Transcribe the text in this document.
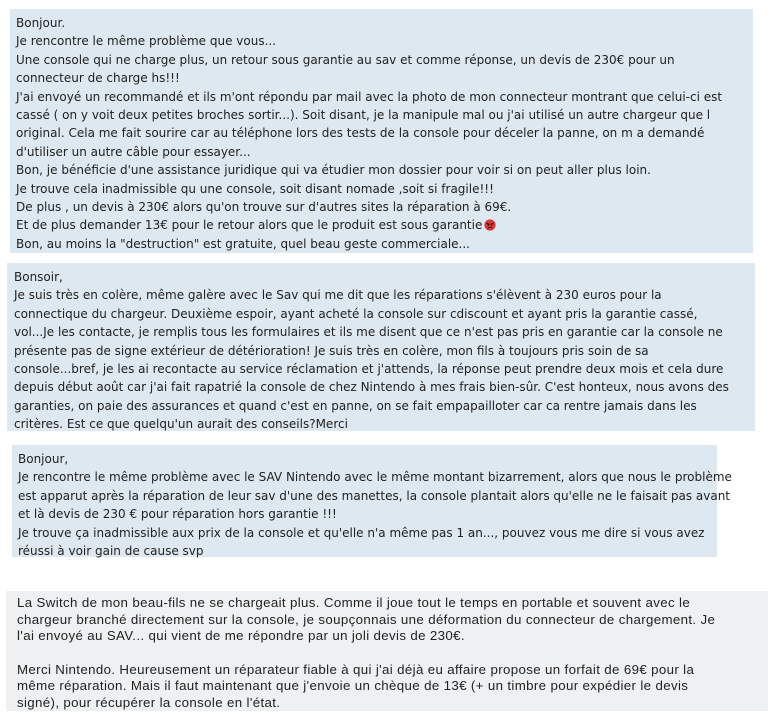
Bonjour.

Je rencontre le même problème que vous...

Une console qui ne charge plus, un retour sous garantie au sav et comme réponse, un devis de 230€ pour un

connecteur de charge hs!!!

J'ai envoyé un recommandé et ils m'ont répondu par mail avec la photo de mon connecteur montrant que celui-ci est

cassé ( on y voit deux petites broches sortir...). Soit disant, je la manipule mal ou j'ai utilisé un autre chargeur que l

original. Cela me fait sourire car au téléphone lors des tests de la console pour déceler la panne, on m a demandé

d'utiliser un autre câble pour essayer...

Bon, je bénéficie d'une assistance juridique qui va étudier mon dossier pour voir si on peut aller plus loin.

Je trouve cela inadmissible qu une console, soit disant nomade ,soit si fragile!!!

De plus , un devis à 230€ alors qu'on trouve sur d'autres sites la réparation à 69€.

Et de plus demander 13€ pour le retour alors que le produit est sous garantie

Bon, au moins la "destruction" est gratuite, quel beau geste commerciale...

Bonsoir,

Je suis très en colère, même galère avec le Sav qui me dit que les réparations s'élèvent à 230 euros pour la

connectique du chargeur. Deuxième espoir, ayant acheté la console sur cdiscount et ayant pris la garantie cassé,

vol...Je les contacte, je remplis tous les formulaires et ils me disent que ce n'est pas pris en garantie car la console ne

présente pas de signe extérieur de détérioration! Je suis très en colère, mon fils à toujours pris soin de sa

console...bref, je les ai recontacte au service réclamation et j'attends, la réponse peut prendre deux mois et cela dure

depuis début août car j'ai fait rapatrié la console de chez Nintendo à mes frais bien-sûr. C'est honteux, nous avons des

garanties, on paie des assurances et quand c'est en panne, on se fait empapailloter car ca rentre jamais dans les

critères. Est ce que quelqu'un aurait des conseils?Merci

Bonjour,

Je rencontre le même problème avec le SAV Nintendo avec le même montant bizarrement, alors que nous le problème

est apparut après la réparation de leur sav d'une des manettes, la console plantait alors qu'elle ne le faisait pas avant

et là devis de 230 € pour réparation hors garantie !!!

Je trouve ça inadmissible aux prix de la console et qu'elle n'a même pas 1 an..., pouvez vous me dire si vous avez

réussi à voir gain de cause svp

La Switch de mon beau-fils ne se chargeait plus. Comme il joue tout le temps en portable et souvent avec le

chargeur branché directement sur la console, je soupçonnais une déformation du connecteur de chargement. Je

l'ai envoyé au SAV... qui vient de me répondre par un joli devis de 230€.

Merci Nintendo. Heureusement un réparateur fiable à qui j'ai déjà eu affaire propose un forfait de 69€ pour la

même réparation. Mais il faut maintenant que j'envoie un chèque de 13€ (+ un timbre pour expédier le devis

signé), pour récupérer la console en l'état.
